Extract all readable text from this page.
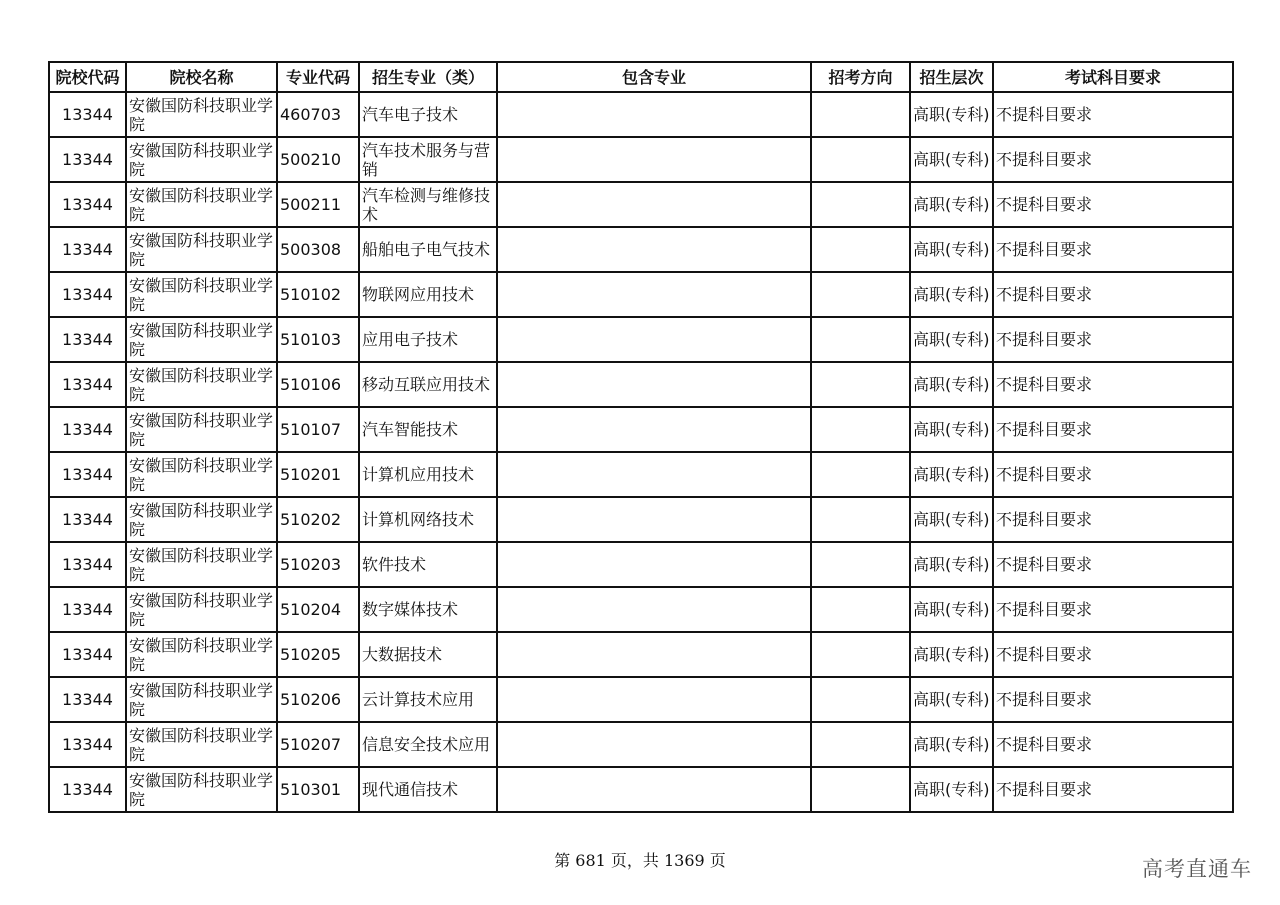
院校代码	院校名称	专业代码	招生专业（类）	包含专业	招考方向	招生层次	考试科目要求
13344	安徽国防科技职业学院	460703	汽车电子技术			高职(专科)	不提科目要求
13344	安徽国防科技职业学院	500210	汽车技术服务与营销			高职(专科)	不提科目要求
13344	安徽国防科技职业学院	500211	汽车检测与维修技术			高职(专科)	不提科目要求
13344	安徽国防科技职业学院	500308	船舶电子电气技术			高职(专科)	不提科目要求
13344	安徽国防科技职业学院	510102	物联网应用技术			高职(专科)	不提科目要求
13344	安徽国防科技职业学院	510103	应用电子技术			高职(专科)	不提科目要求
13344	安徽国防科技职业学院	510106	移动互联应用技术			高职(专科)	不提科目要求
13344	安徽国防科技职业学院	510107	汽车智能技术			高职(专科)	不提科目要求
13344	安徽国防科技职业学院	510201	计算机应用技术			高职(专科)	不提科目要求
13344	安徽国防科技职业学院	510202	计算机网络技术			高职(专科)	不提科目要求
13344	安徽国防科技职业学院	510203	软件技术			高职(专科)	不提科目要求
13344	安徽国防科技职业学院	510204	数字媒体技术			高职(专科)	不提科目要求
13344	安徽国防科技职业学院	510205	大数据技术			高职(专科)	不提科目要求
13344	安徽国防科技职业学院	510206	云计算技术应用			高职(专科)	不提科目要求
13344	安徽国防科技职业学院	510207	信息安全技术应用			高职(专科)	不提科目要求
13344	安徽国防科技职业学院	510301	现代通信技术			高职(专科)	不提科目要求
第 681 页，共 1369 页	高考直通车
